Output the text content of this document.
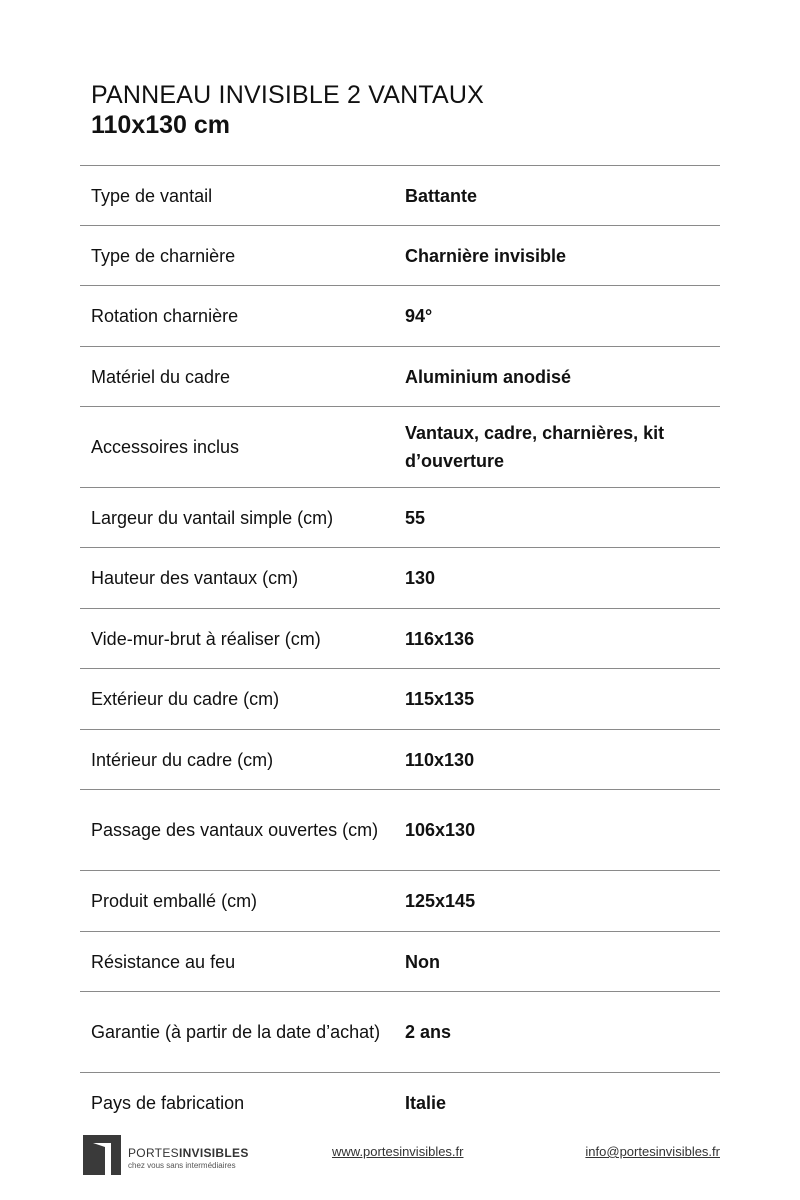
PANNEAU INVISIBLE 2 VANTAUX
110x130 cm
Type de vantail	Battante
Type de charnière	Charnière invisible
Rotation charnière	94°
Matériel du cadre	Aluminium anodisé
Accessoires inclus	Vantaux, cadre, charnières, kit d’ouverture
Largeur du vantail simple (cm)	55
Hauteur des vantaux (cm)	130
Vide-mur-brut à réaliser (cm)	116x136
Extérieur du cadre (cm)	115x135
Intérieur du cadre (cm)	110x130
Passage des vantaux ouvertes (cm)	106x130
Produit emballé (cm)	125x145
Résistance au feu	Non
Garantie (à partir de la date d’achat)	2 ans
Pays de fabrication	Italie
PORTESINVISIBLES
chez vous sans intermédiaires
www.portesinvisibles.fr	info@portesinvisibles.fr
